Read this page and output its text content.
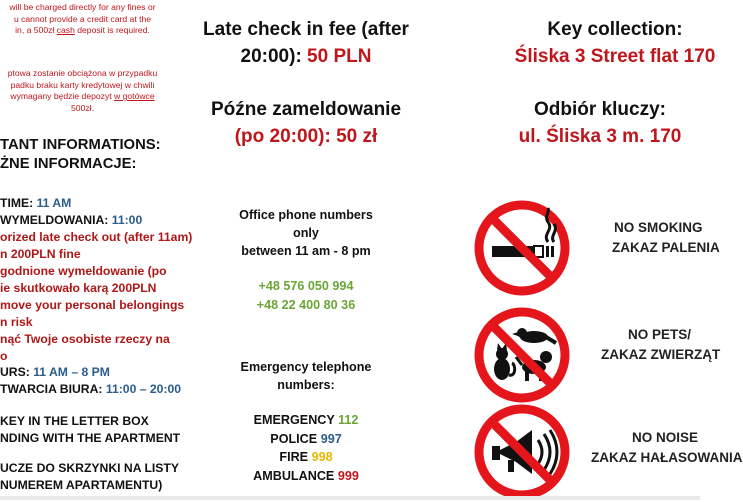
will be charged directly for any fines or
u cannot provide a credit card at the
in, a 500zł cash deposit is required.
ptowa zostanie obciążona w przypadku
padku braku karty kredytowej w chwili
wymagany będzie depozyt w gotówce
500zł.
TANT INFORMATIONS:
ŻNE INFORMACJE:
TIME: 11 AM
WYMELDOWANIA: 11:00
orized late check out (after 11am)
n 200PLN fine
godnione wymeldowanie (po
ie skutkowało karą 200PLN
move your personal belongings
n risk
nąć Twoje osobiste rzeczy na
o
URS: 11 AM – 8 PM
TWARCIA BIURA: 11:00 – 20:00
KEY IN THE LETTER BOX
NDING WITH THE APARTMENT
UCZE DO SKRZYNKI NA LISTY
NUMEREM APARTAMENTU)
Late check in fee (after
20:00): 50 PLN
Późne zameldowanie
(po 20:00): 50 zł
Office phone numbers
only
between 11 am - 8 pm
+48 576 050 994
+48 22 400 80 36
Emergency telephone
numbers:
EMERGENCY 112
POLICE 997
FIRE 998
AMBULANCE 999
Key collection:
Śliska 3 Street flat 170
Odbiór kluczy:
ul. Śliska 3 m. 170
NO SMOKING
ZAKAZ PALENIA
NO PETS/
ZAKAZ ZWIERZĄT
NO NOISE
ZAKAZ HAŁASOWANIA
